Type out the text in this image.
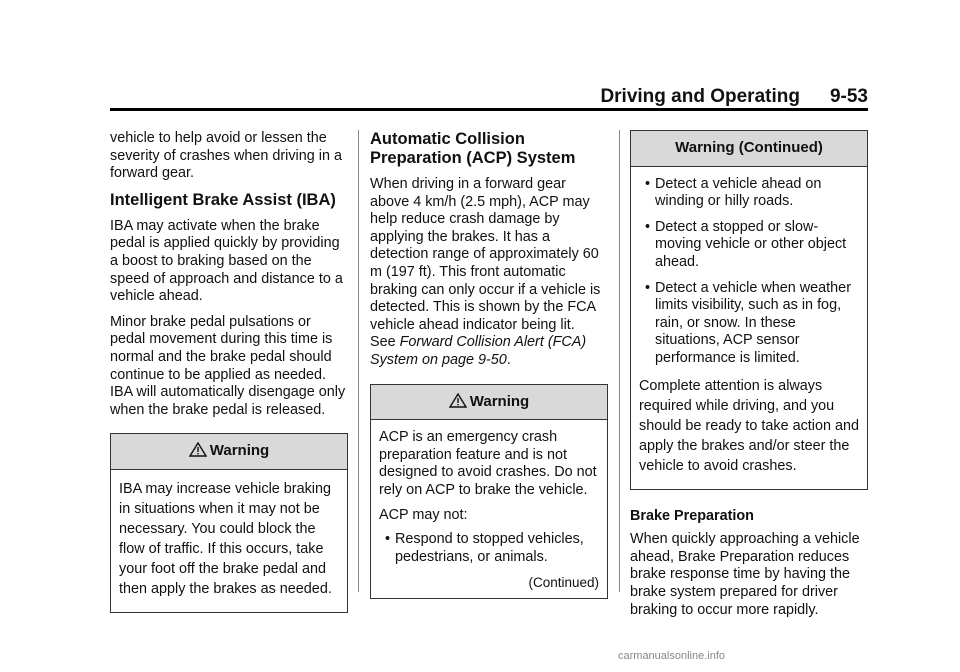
Driving and Operating 9-53

vehicle to help avoid or lessen the severity of crashes when driving in a forward gear.

Intelligent Brake Assist (IBA)

IBA may activate when the brake pedal is applied quickly by providing a boost to braking based on the speed of approach and distance to a vehicle ahead.

Minor brake pedal pulsations or pedal movement during this time is normal and the brake pedal should continue to be applied as needed. IBA will automatically disengage only when the brake pedal is released.

Warning

IBA may increase vehicle braking in situations when it may not be necessary. You could block the flow of traffic. If this occurs, take your foot off the brake pedal and then apply the brakes as needed.

Automatic Collision Preparation (ACP) System

When driving in a forward gear above 4 km/h (2.5 mph), ACP may help reduce crash damage by applying the brakes. It has a detection range of approximately 60 m (197 ft). This front automatic braking can only occur if a vehicle is detected. This is shown by the FCA vehicle ahead indicator being lit.
See Forward Collision Alert (FCA) System on page 9-50.

Warning

ACP is an emergency crash preparation feature and is not designed to avoid crashes. Do not rely on ACP to brake the vehicle.

ACP may not:

• Respond to stopped vehicles, pedestrians, or animals.
(Continued)
Warning (Continued)
• Detect a vehicle ahead on winding or hilly roads.
• Detect a stopped or slow-moving vehicle or other object ahead.
• Detect a vehicle when weather limits visibility, such as in fog, rain, or snow. In these situations, ACP sensor performance is limited.

Complete attention is always required while driving, and you should be ready to take action and apply the brakes and/or steer the vehicle to avoid crashes.

Brake Preparation

When quickly approaching a vehicle ahead, Brake Preparation reduces brake response time by having the brake system prepared for driver braking to occur more rapidly.

carmanualsonline.info
